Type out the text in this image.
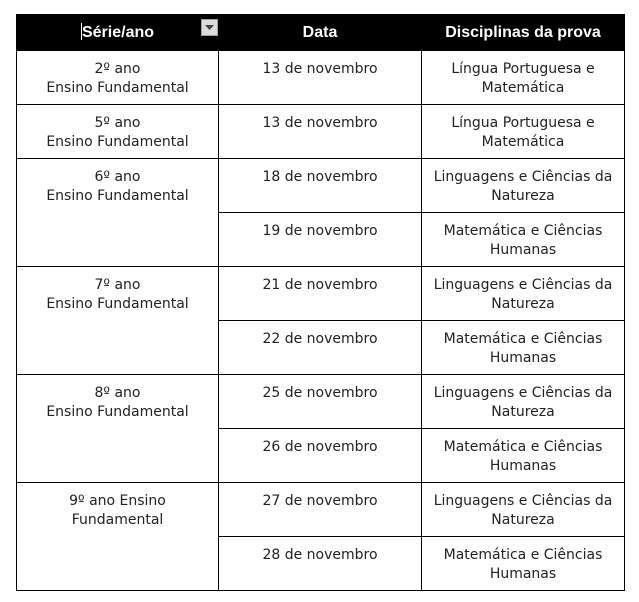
Série/ano	Data	Disciplinas da prova
2º ano
Ensino Fundamental	13 de novembro	Língua Portuguesa e
Matemática
5º ano
Ensino Fundamental	13 de novembro	Língua Portuguesa e
Matemática
6º ano
Ensino Fundamental	18 de novembro	Linguagens e Ciências da
Natureza
	19 de novembro	Matemática e Ciências
Humanas
7º ano
Ensino Fundamental	21 de novembro	Linguagens e Ciências da
Natureza
	22 de novembro	Matemática e Ciências
Humanas
8º ano
Ensino Fundamental	25 de novembro	Linguagens e Ciências da
Natureza
	26 de novembro	Matemática e Ciências
Humanas
9º ano Ensino
Fundamental	27 de novembro	Linguagens e Ciências da
Natureza
	28 de novembro	Matemática e Ciências
Humanas
